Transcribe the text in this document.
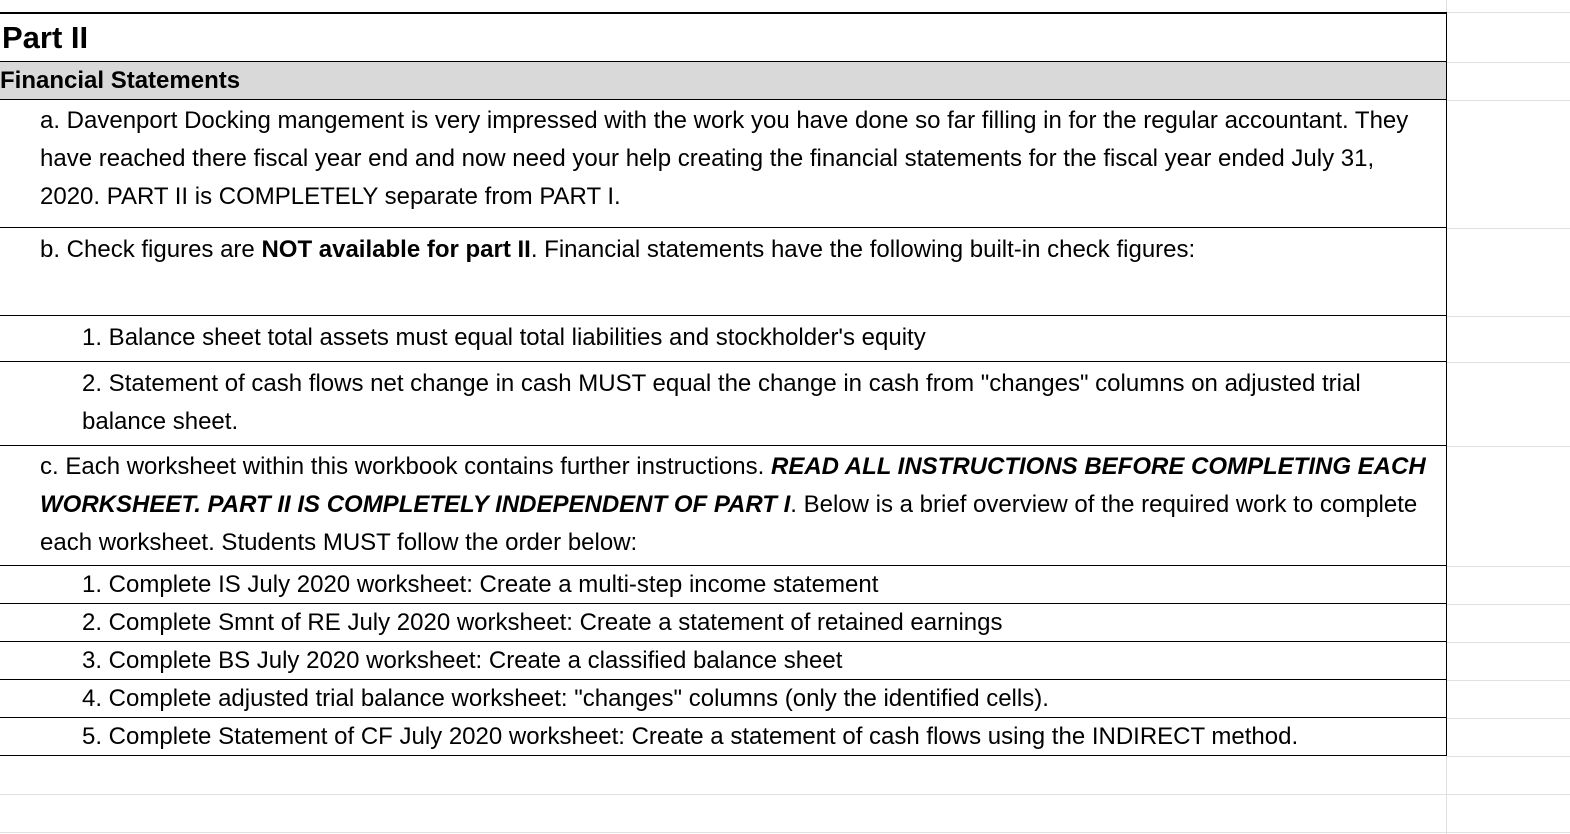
Part II
Financial Statements
a. Davenport Docking mangement is very impressed with the work you have done so far filling in for the regular accountant. They have reached there fiscal year end and now need your help creating the financial statements for the fiscal year ended July 31, 2020. PART II is COMPLETELY separate from PART I.
b. Check figures are NOT available for part II. Financial statements have the following built-in check figures:
1. Balance sheet total assets must equal total liabilities and stockholder's equity
2. Statement of cash flows net change in cash MUST equal the change in cash from "changes" columns on adjusted trial balance sheet.
c. Each worksheet within this workbook contains further instructions. READ ALL INSTRUCTIONS BEFORE COMPLETING EACH WORKSHEET. PART II IS COMPLETELY INDEPENDENT OF PART I. Below is a brief overview of the required work to complete each worksheet. Students MUST follow the order below:
1. Complete IS July 2020 worksheet: Create a multi-step income statement
2. Complete Smnt of RE July 2020 worksheet: Create a statement of retained earnings
3. Complete BS July 2020 worksheet: Create a classified balance sheet
4. Complete adjusted trial balance worksheet: "changes" columns (only the identified cells).
5. Complete Statement of CF July 2020 worksheet: Create a statement of cash flows using the INDIRECT method.
